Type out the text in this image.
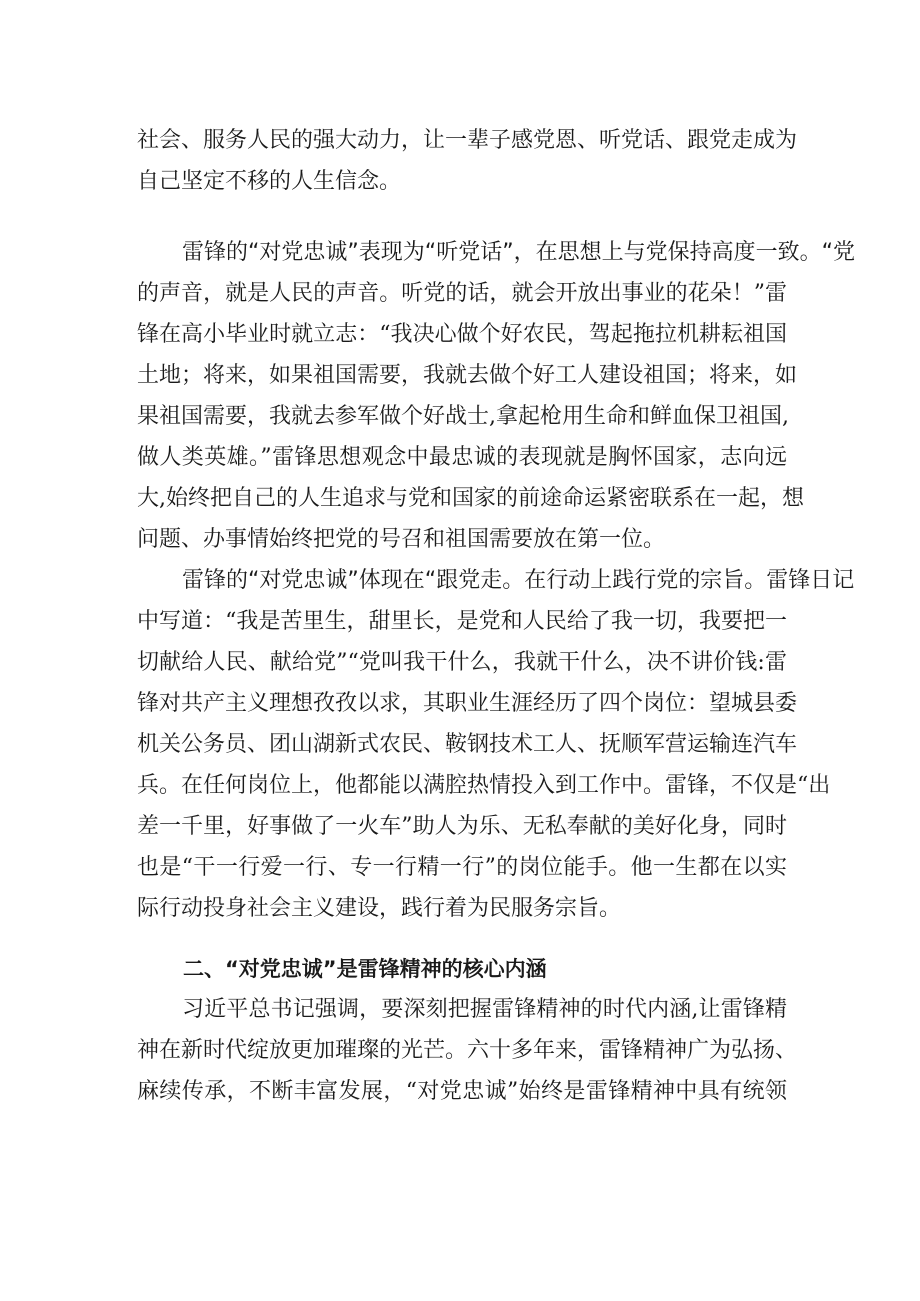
社会、服务人民的强大动力，让一辈子感党恩、听党话、跟党走成为
自己坚定不移的人生信念。
雷锋的“对党忠诚”表现为“听党话”，在思想上与党保持高度一致。“党
的声音，就是人民的声音。听党的话，就会开放出事业的花朵！”雷
锋在高小毕业时就立志：“我决心做个好农民，驾起拖拉机耕耘祖国
土地；将来，如果祖国需要，我就去做个好工人建设祖国；将来，如
果祖国需要，我就去参军做个好战士,拿起枪用生命和鲜血保卫祖国,
做人类英雄。”雷锋思想观念中最忠诚的表现就是胸怀国家，志向远
大,始终把自己的人生追求与党和国家的前途命运紧密联系在一起，想
问题、办事情始终把党的号召和祖国需要放在第一位。
雷锋的“对党忠诚”体现在“跟党走。在行动上践行党的宗旨。雷锋日记
中写道：“我是苦里生，甜里长，是党和人民给了我一切，我要把一
切献给人民、献给党”“党叫我干什么，我就干什么，决不讲价钱:雷
锋对共产主义理想孜孜以求，其职业生涯经历了四个岗位：望城县委
机关公务员、团山湖新式农民、鞍钢技术工人、抚顺军营运输连汽车
兵。在任何岗位上，他都能以满腔热情投入到工作中。雷锋，不仅是“出
差一千里，好事做了一火车”助人为乐、无私奉献的美好化身，同时
也是“干一行爱一行、专一行精一行”的岗位能手。他一生都在以实
际行动投身社会主义建设，践行着为民服务宗旨。
二、“对党忠诚”是雷锋精神的核心内涵
习近平总书记强调，要深刻把握雷锋精神的时代内涵,让雷锋精
神在新时代绽放更加璀璨的光芒。六十多年来，雷锋精神广为弘扬、
麻续传承，不断丰富发展，“对党忠诚”始终是雷锋精神中具有统领
